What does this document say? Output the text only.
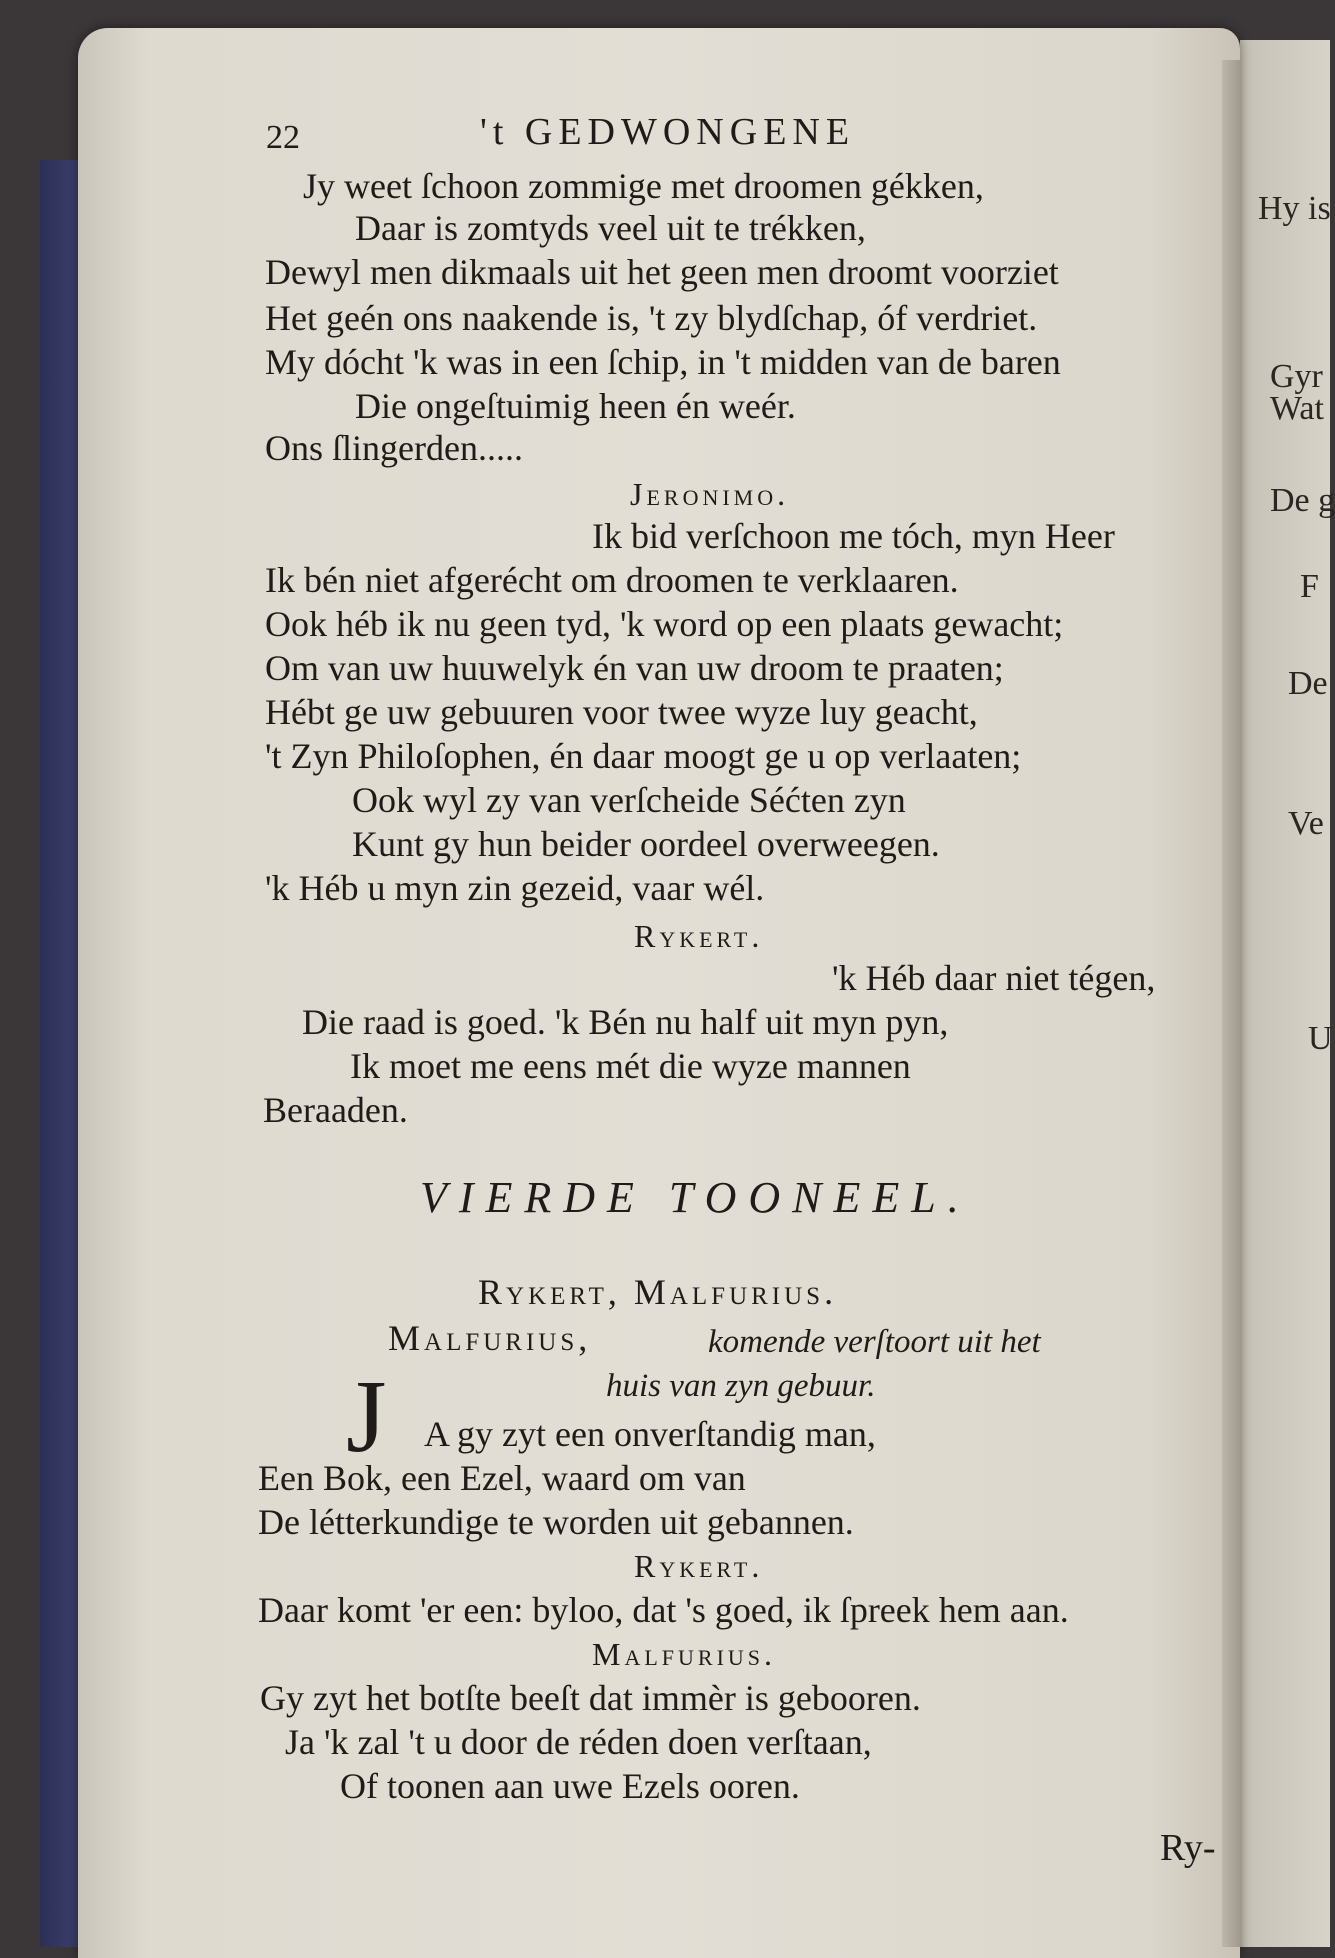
Hy is
Gyr
Wat
De g
F
De
Ve
U
22	't GEDWONGENE
Jy weet ſchoon zommige met droomen gékken,
Daar is zomtyds veel uit te trékken,
Dewyl men dikmaals uit het geen men droomt voorziet
Het geén ons naakende is, 't zy blydſchap, óf verdriet.
My dócht 'k was in een ſchip, in 't midden van de baren
Die ongeſtuimig heen én weér.
Ons ſlingerden.....
Jeronimo.
Ik bid verſchoon me tóch, myn Heer
Ik bén niet afgerécht om droomen te verklaaren.
Ook héb ik nu geen tyd, 'k word op een plaats gewacht;
Om van uw huuwelyk én van uw droom te praaten;
Hébt ge uw gebuuren voor twee wyze luy geacht,
't Zyn Philoſophen, én daar moogt ge u op verlaaten;
Ook wyl zy van verſcheide Séćten zyn
Kunt gy hun beider oordeel overweegen.
'k Héb u myn zin gezeid, vaar wél.
Rykert.
'k Héb daar niet tégen,
Die raad is goed. 'k Bén nu half uit myn pyn,
Ik moet me eens mét die wyze mannen
Beraaden.
VIERDE TOONEEL.
Rykert, Malfurius.
Malfurius,	komende verſtoort uit het
huis van zyn gebuur.
J A gy zyt een onverſtandig man,
Een Bok, een Ezel, waard om van
De létterkundige te worden uit gebannen.
Rykert.
Daar komt 'er een: byloo, dat 's goed, ik ſpreek hem aan.
Malfurius.
Gy zyt het botſte beeſt dat immèr is gebooren.
Ja 'k zal 't u door de réden doen verſtaan,
Of toonen aan uwe Ezels ooren.
Ry-
